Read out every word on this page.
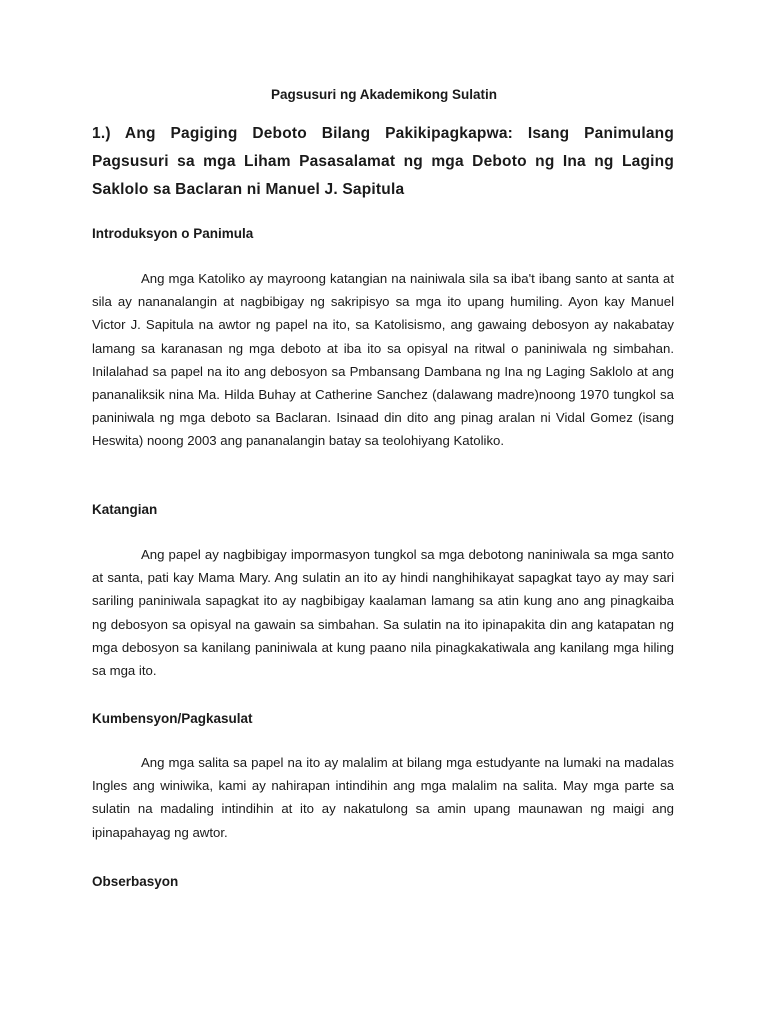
Pagsusuri ng Akademikong Sulatin
1.) Ang Pagiging Deboto Bilang Pakikipagkapwa: Isang Panimulang Pagsusuri sa mga Liham Pasasalamat ng mga Deboto ng Ina ng Laging Saklolo sa Baclaran ni Manuel J. Sapitula
Introduksyon o Panimula

Ang mga Katoliko ay mayroong katangian na nainiwala sila sa iba't ibang santo at santa at sila ay nananalangin at nagbibigay ng sakripisyo sa mga ito upang humiling. Ayon kay Manuel Victor J. Sapitula na awtor ng papel na ito, sa Katolisismo, ang gawaing debosyon ay nakabatay lamang sa karanasan ng mga deboto at iba ito sa opisyal na ritwal o paniniwala ng simbahan. Inilalahad sa papel na ito ang debosyon sa Pmbansang Dambana ng Ina ng Laging Saklolo at ang pananaliksik nina Ma. Hilda Buhay at Catherine Sanchez (dalawang madre)noong 1970 tungkol sa paniniwala ng mga deboto sa Baclaran. Isinaad din dito ang pinag aralan ni Vidal Gomez (isang Heswita) noong 2003 ang pananalangin batay sa teolohiyang Katoliko.

Katangian

Ang papel ay nagbibigay impormasyon tungkol sa mga debotong naniniwala sa mga santo at santa, pati kay Mama Mary. Ang sulatin an ito ay hindi nanghihikayat sapagkat tayo ay may sari sariling paniniwala sapagkat ito ay nagbibigay kaalaman lamang sa atin kung ano ang pinagkaiba ng debosyon sa opisyal na gawain sa simbahan. Sa sulatin na ito ipinapakita din ang katapatan ng mga debosyon sa kanilang paniniwala at kung paano nila pinagkakatiwala ang kanilang mga hiling sa mga ito.

Kumbensyon/Pagkasulat

Ang mga salita sa papel na ito ay malalim at bilang mga estudyante na lumaki na madalas Ingles ang winiwika, kami ay nahirapan intindihin ang mga malalim na salita. May mga parte sa sulatin na madaling intindihin at ito ay nakatulong sa amin upang maunawan ng maigi ang ipinapahayag ng awtor.

Obserbasyon
